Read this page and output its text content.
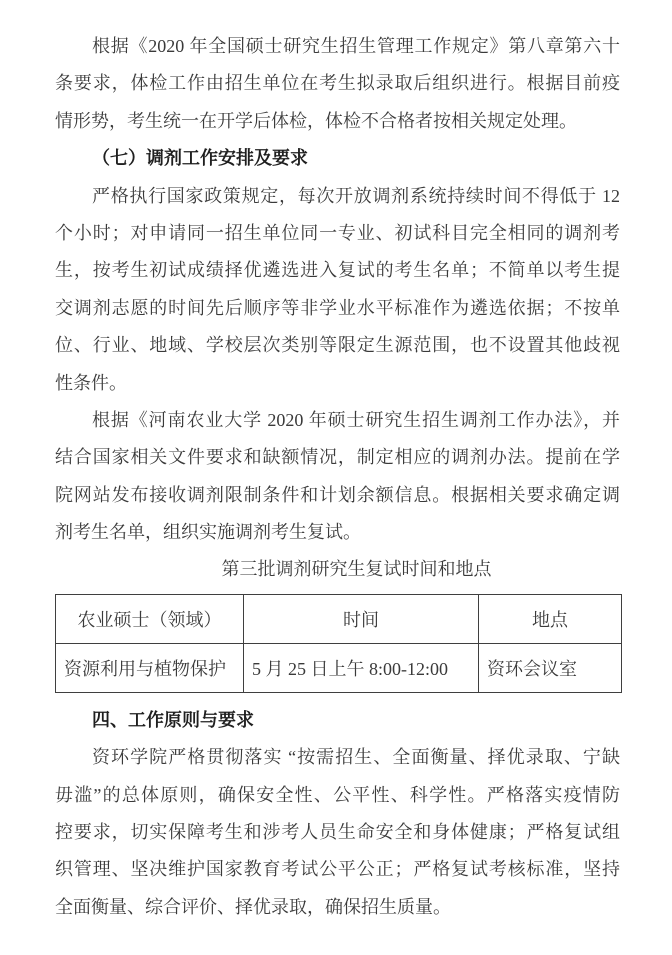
根据《2020 年全国硕士研究生招生管理工作规定》第八章第六十
条要求，体检工作由招生单位在考生拟录取后组织进行。根据目前疫
情形势，考生统一在开学后体检，体检不合格者按相关规定处理。
（七）调剂工作安排及要求
严格执行国家政策规定，每次开放调剂系统持续时间不得低于 12
个小时；对申请同一招生单位同一专业、初试科目完全相同的调剂考
生，按考生初试成绩择优遴选进入复试的考生名单；不简单以考生提
交调剂志愿的时间先后顺序等非学业水平标准作为遴选依据；不按单
位、行业、地域、学校层次类别等限定生源范围，也不设置其他歧视
性条件。
根据《河南农业大学 2020 年硕士研究生招生调剂工作办法》，并
结合国家相关文件要求和缺额情况，制定相应的调剂办法。提前在学
院网站发布接收调剂限制条件和计划余额信息。根据相关要求确定调
剂考生名单，组织实施调剂考生复试。
第三批调剂研究生复试时间和地点
农业硕士（领域）	时间	地点
资源利用与植物保护	5 月 25 日上午 8:00-12:00	资环会议室
四、工作原则与要求
资环学院严格贯彻落实 “按需招生、全面衡量、择优录取、宁缺
毋滥”的总体原则，确保安全性、公平性、科学性。严格落实疫情防
控要求，切实保障考生和涉考人员生命安全和身体健康；严格复试组
织管理、坚决维护国家教育考试公平公正；严格复试考核标准，坚持
全面衡量、综合评价、择优录取，确保招生质量。
